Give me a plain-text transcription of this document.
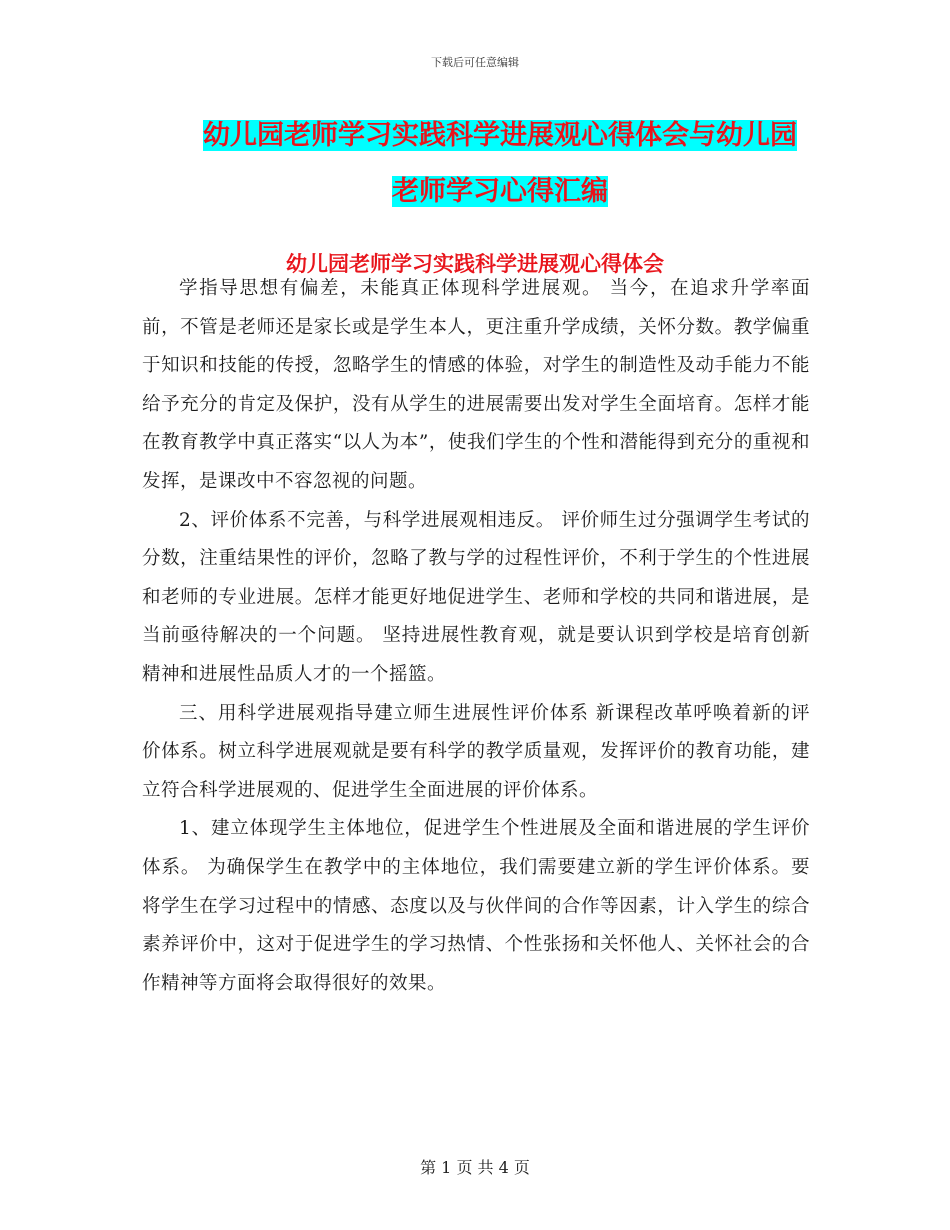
下载后可任意编辑
幼儿园老师学习实践科学进展观心得体会与幼儿园老师学习心得汇编
幼儿园老师学习实践科学进展观心得体会

学指导思想有偏差，未能真正体现科学进展观。 当今，在追求升学率面前，不管是老师还是家长或是学生本人，更注重升学成绩，关怀分数。教学偏重于知识和技能的传授，忽略学生的情感的体验，对学生的制造性及动手能力不能给予充分的肯定及保护，没有从学生的进展需要出发对学生全面培育。怎样才能在教育教学中真正落实“以人为本”，使我们学生的个性和潜能得到充分的重视和发挥，是课改中不容忽视的问题。

2、评价体系不完善，与科学进展观相违反。 评价师生过分强调学生考试的分数，注重结果性的评价，忽略了教与学的过程性评价，不利于学生的个性进展和老师的专业进展。怎样才能更好地促进学生、老师和学校的共同和谐进展，是当前亟待解决的一个问题。 坚持进展性教育观，就是要认识到学校是培育创新精神和进展性品质人才的一个摇篮。

三、用科学进展观指导建立师生进展性评价体系 新课程改革呼唤着新的评价体系。树立科学进展观就是要有科学的教学质量观，发挥评价的教育功能，建立符合科学进展观的、促进学生全面进展的评价体系。

1、建立体现学生主体地位，促进学生个性进展及全面和谐进展的学生评价体系。 为确保学生在教学中的主体地位，我们需要建立新的学生评价体系。要将学生在学习过程中的情感、态度以及与伙伴间的合作等因素，计入学生的综合素养评价中，这对于促进学生的学习热情、个性张扬和关怀他人、关怀社会的合作精神等方面将会取得很好的效果。

第 1 页 共 4 页
